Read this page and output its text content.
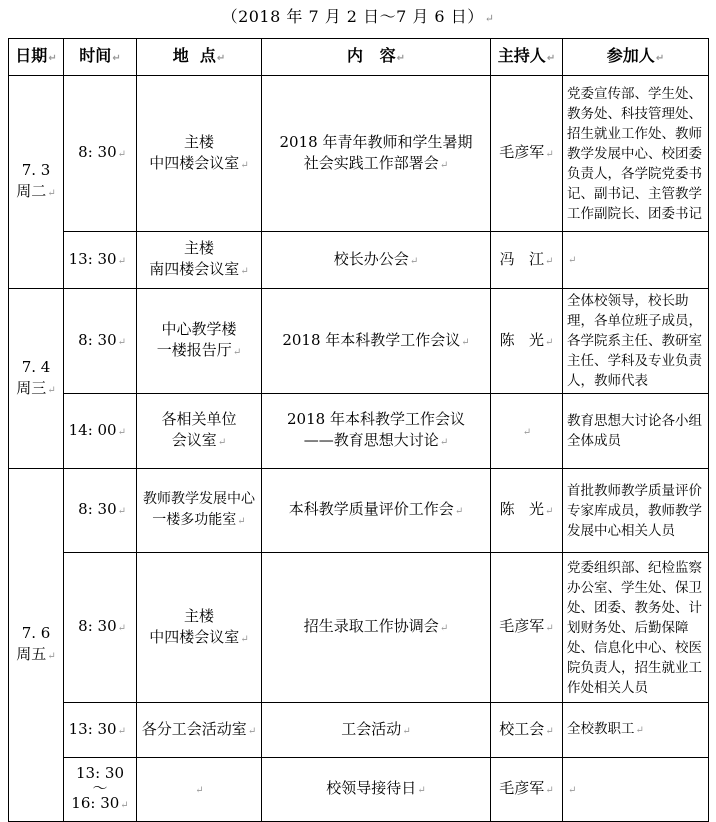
（2018 年 7 月 2 日～7 月 6 日）↵
日期↵	时间↵	地  点↵	内   容↵	主持人↵	参加人↵

7. 3
周二↵	8: 30↵	主楼
中四楼会议室↵	2018 年青年教师和学生暑期
社会实践工作部署会↵	毛彦军↵	党委宣传部、学生处、教务处、科技管理处、招生就业工作处、教师教学发展中心、校团委负责人，各学院党委书记、副书记、主管教学工作副院长、团委书记
	13: 30↵	主楼
南四楼会议室↵	校长办公会↵	冯   江↵	↵

7. 4
周三↵	8: 30↵	中心教学楼
一楼报告厅↵	2018 年本科教学工作会议↵	陈   光↵	全体校领导，校长助理，各单位班子成员，各学院系主任、教研室主任、学科及专业负责人，教师代表
	14: 00↵	各相关单位
会议室↵	2018 年本科教学工作会议
——教育思想大讨论↵	↵	教育思想大讨论各小组全体成员

7. 6
周五↵	8: 30↵	教师教学发展中心
一楼多功能室↵	本科教学质量评价工作会↵	陈   光↵	首批教师教学质量评价专家库成员，教师教学发展中心相关人员
	8: 30↵	主楼
中四楼会议室↵	招生录取工作协调会↵	毛彦军↵	党委组织部、纪检监察办公室、学生处、保卫处、团委、教务处、计划财务处、后勤保障处、信息化中心、校医院负责人，招生就业工作处相关人员
	13: 30↵	各分工会活动室↵	工会活动↵	校工会↵	全校教职工↵
	13: 30
～
16: 30↵	↵	校领导接待日↵	毛彦军↵	↵
